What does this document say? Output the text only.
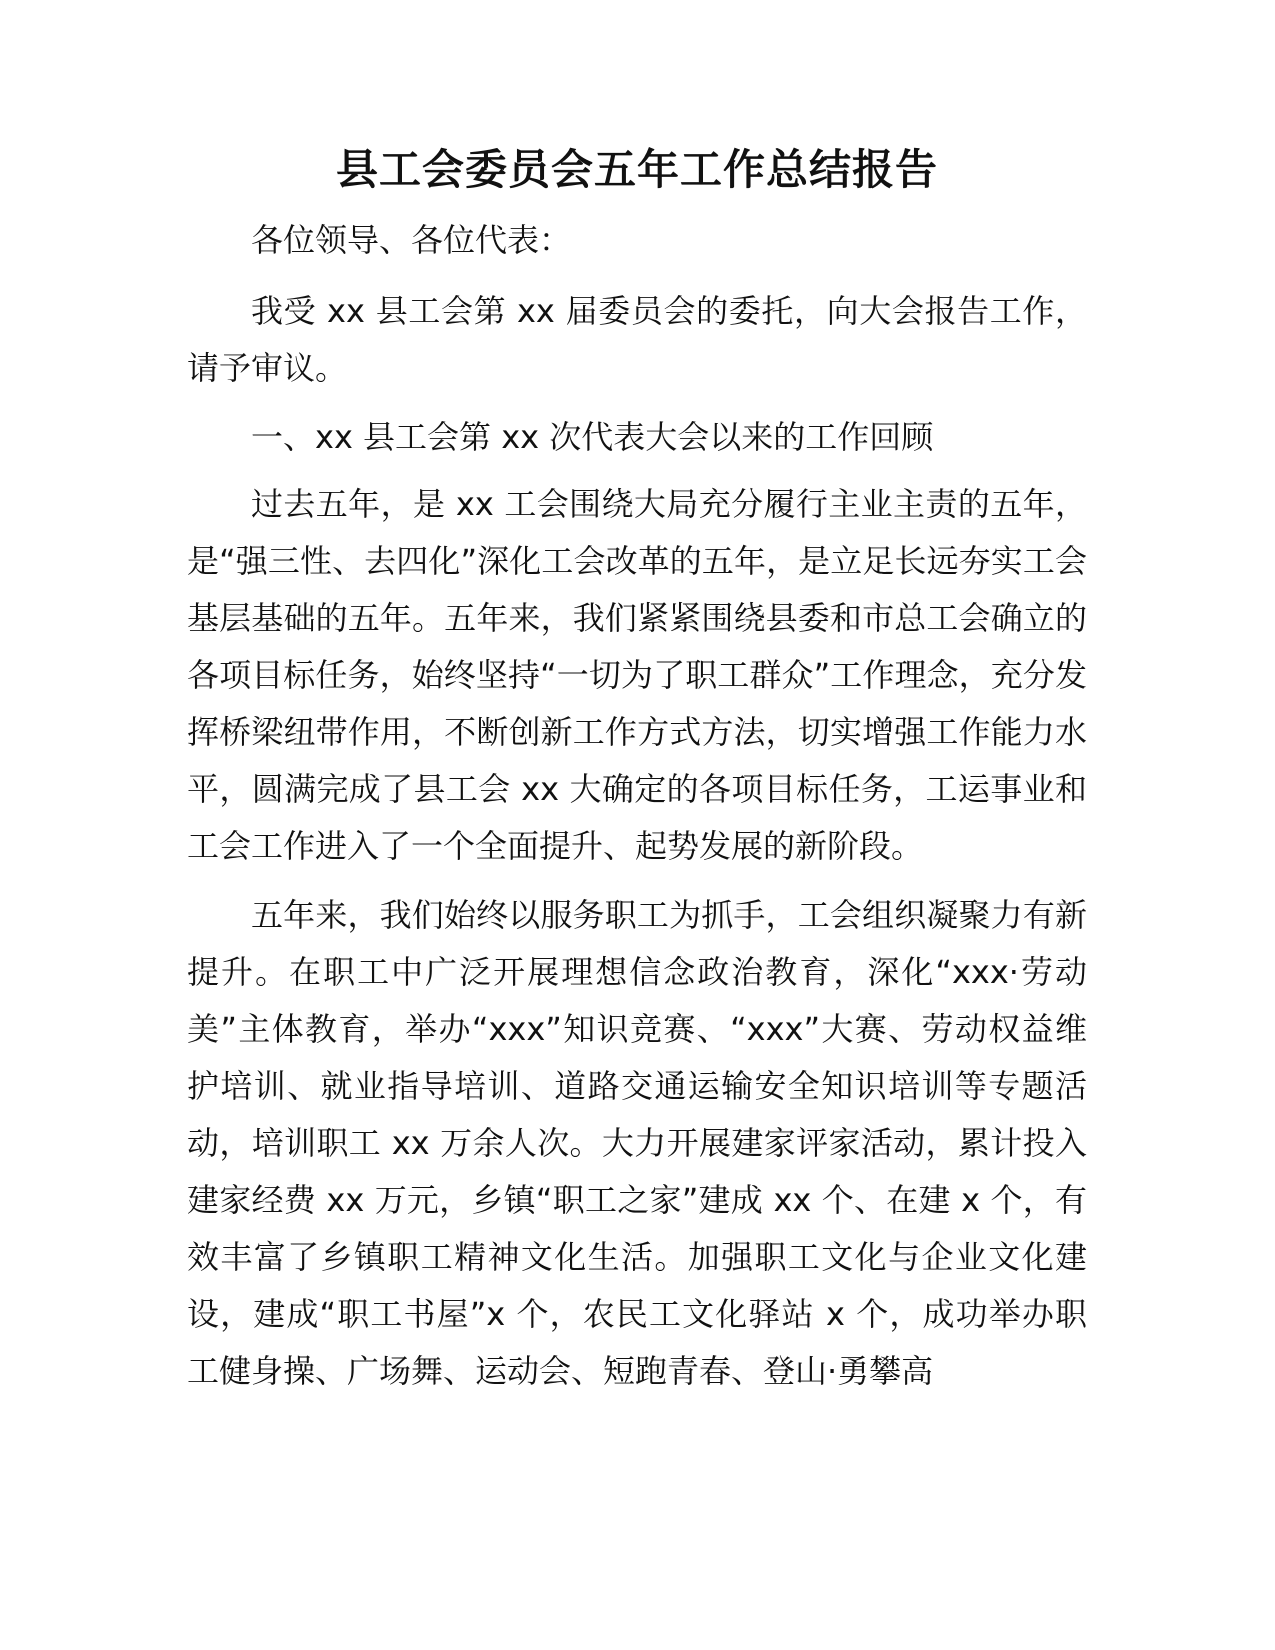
县工会委员会五年工作总结报告

各位领导、各位代表：

我受 xx 县工会第 xx 届委员会的委托，向大会报告工作，请予审议。

一、xx 县工会第 xx 次代表大会以来的工作回顾

过去五年，是 xx 工会围绕大局充分履行主业主责的五年，是“强三性、去四化”深化工会改革的五年，是立足长远夯实工会基层基础的五年。五年来，我们紧紧围绕县委和市总工会确立的各项目标任务，始终坚持“一切为了职工群众”工作理念，充分发挥桥梁纽带作用，不断创新工作方式方法，切实增强工作能力水平，圆满完成了县工会 xx 大确定的各项目标任务，工运事业和工会工作进入了一个全面提升、起势发展的新阶段。

五年来，我们始终以服务职工为抓手，工会组织凝聚力有新提升。在职工中广泛开展理想信念政治教育，深化“xxx·劳动美”主体教育，举办“xxx”知识竞赛、“xxx”大赛、劳动权益维护培训、就业指导培训、道路交通运输安全知识培训等专题活动，培训职工 xx 万余人次。大力开展建家评家活动，累计投入建家经费 xx 万元，乡镇“职工之家”建成 xx 个、在建 x 个，有效丰富了乡镇职工精神文化生活。加强职工文化与企业文化建设，建成“职工书屋”x 个，农民工文化驿站 x 个，成功举办职工健身操、广场舞、运动会、短跑青春、登山·勇攀高
